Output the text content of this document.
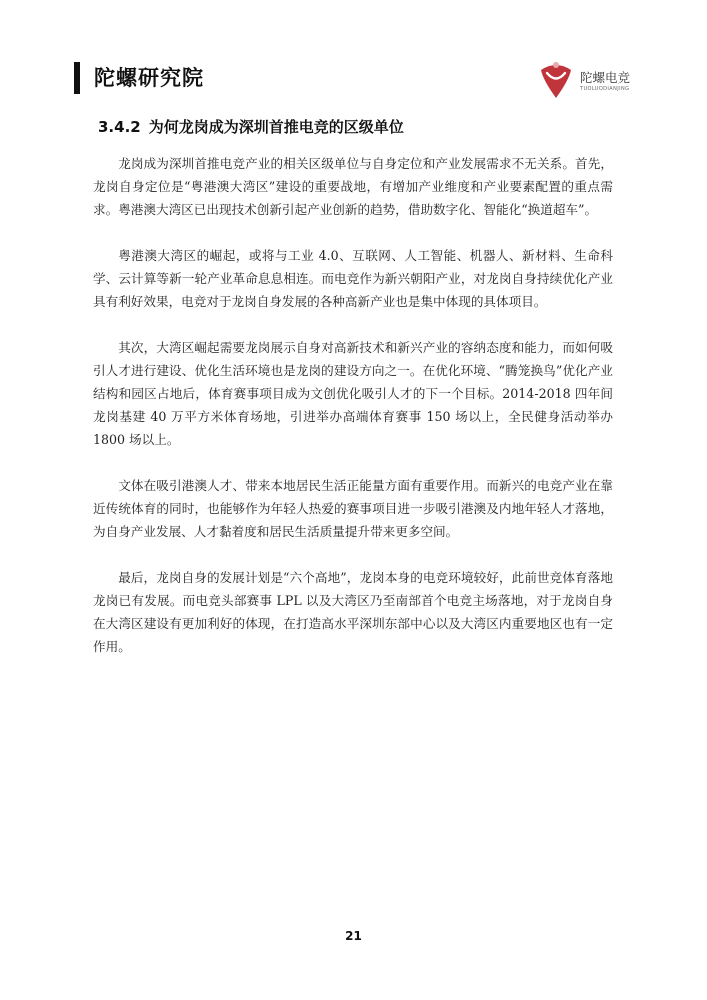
陀螺研究院	陀螺电竞
TUOLUODIANJING
3.4.2 为何龙岗成为深圳首推电竞的区级单位

龙岗成为深圳首推电竞产业的相关区级单位与自身定位和产业发展需求不无关系。首先，龙岗自身定位是“粤港澳大湾区”建设的重要战地，有增加产业维度和产业要素配置的重点需求。粤港澳大湾区已出现技术创新引起产业创新的趋势，借助数字化、智能化“换道超车”。

粤港澳大湾区的崛起，或将与工业 4.0、互联网、人工智能、机器人、新材料、生命科学、云计算等新一轮产业革命息息相连。而电竞作为新兴朝阳产业，对龙岗自身持续优化产业具有利好效果，电竞对于龙岗自身发展的各种高新产业也是集中体现的具体项目。

其次，大湾区崛起需要龙岗展示自身对高新技术和新兴产业的容纳态度和能力，而如何吸引人才进行建设、优化生活环境也是龙岗的建设方向之一。在优化环境、“腾笼换鸟”优化产业结构和园区占地后，体育赛事项目成为文创优化吸引人才的下一个目标。2014-2018 四年间龙岗基建 40 万平方米体育场地，引进举办高端体育赛事 150 场以上，全民健身活动举办 1800 场以上。

文体在吸引港澳人才、带来本地居民生活正能量方面有重要作用。而新兴的电竞产业在靠近传统体育的同时，也能够作为年轻人热爱的赛事项目进一步吸引港澳及内地年轻人才落地，为自身产业发展、人才黏着度和居民生活质量提升带来更多空间。

最后，龙岗自身的发展计划是“六个高地”，龙岗本身的电竞环境较好，此前世竞体育落地龙岗已有发展。而电竞头部赛事 LPL 以及大湾区乃至南部首个电竞主场落地，对于龙岗自身在大湾区建设有更加利好的体现，在打造高水平深圳东部中心以及大湾区内重要地区也有一定作用。

21
